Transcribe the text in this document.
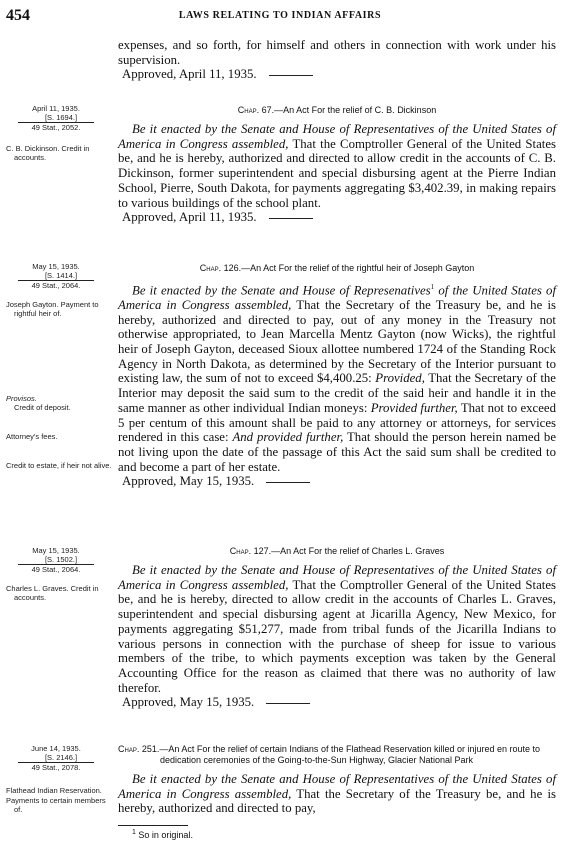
454	LAWS RELATING TO INDIAN AFFAIRS

expenses, and so forth, for himself and others in connection with work under his supervision.

Approved, April 11, 1935.

April 11, 1935.
[S. 1694.]
49 Stat., 2052.
C. B. Dickinson. Credit in accounts.
Chap. 67.—An Act For the relief of C. B. Dickinson

Be it enacted by the Senate and House of Representatives of the United States of America in Congress assembled, That the Comptroller General of the United States be, and he is hereby, authorized and directed to allow credit in the accounts of C. B. Dickinson, former superintendent and special disbursing agent at the Pierre Indian School, Pierre, South Dakota, for payments aggregating $3,402.39, in making repairs to various buildings of the school plant.

Approved, April 11, 1935.

May 15, 1935.
[S. 1414.]
49 Stat., 2064.
Joseph Gayton. Payment to rightful heir of.
Provisos.
Credit of deposit.
Attorney's fees.
Credit to estate, if heir not alive.
Chap. 126.—An Act For the relief of the rightful heir of Joseph Gayton

Be it enacted by the Senate and House of Represenatives$^1$ of the United States of America in Congress assembled, That the Secretary of the Treasury be, and he is hereby, authorized and directed to pay, out of any money in the Treasury not otherwise appropriated, to Jean Marcella Mentz Gayton (now Wicks), the rightful heir of Joseph Gayton, deceased Sioux allottee numbered 1724 of the Standing Rock Agency in North Dakota, as determined by the Secretary of the Interior pursuant to existing law, the sum of not to exceed $4,400.25: Provided, That the Secretary of the Interior may deposit the said sum to the credit of the said heir and handle it in the same manner as other individual Indian moneys: Provided further, That not to exceed 5 per centum of this amount shall be paid to any attorney or attorneys, for services rendered in this case: And provided further, That should the person herein named be not living upon the date of the passage of this Act the said sum shall be credited to and become a part of her estate.

Approved, May 15, 1935.

May 15, 1935.
[S. 1502.]
49 Stat., 2064.
Charles L. Graves. Credit in accounts.
Chap. 127.—An Act For the relief of Charles L. Graves

Be it enacted by the Senate and House of Representatives of the United States of America in Congress assembled, That the Comptroller General of the United States be, and he is hereby, directed to allow credit in the accounts of Charles L. Graves, superintendent and special disbursing agent at Jicarilla Agency, New Mexico, for payments aggregating $51,277, made from tribal funds of the Jicarilla Indians to various persons in connection with the purchase of sheep for issue to various members of the tribe, to which payments exception was taken by the General Accounting Office for the reason as claimed that there was no authority of law therefor.

Approved, May 15, 1935.

June 14, 1935.
[S. 2146.]
49 Stat., 2078.
Flathead Indian Reservation.
Payments to certain members of.
Chap. 251.—An Act For the relief of certain Indians of the Flathead Reservation killed or injured en route to dedication ceremonies of the Going-to-the-Sun Highway, Glacier National Park

Be it enacted by the Senate and House of Representatives of the United States of America in Congress assembled, That the Secretary of the Treasury be, and he is hereby, authorized and directed to pay,

$^1$ So in original.
